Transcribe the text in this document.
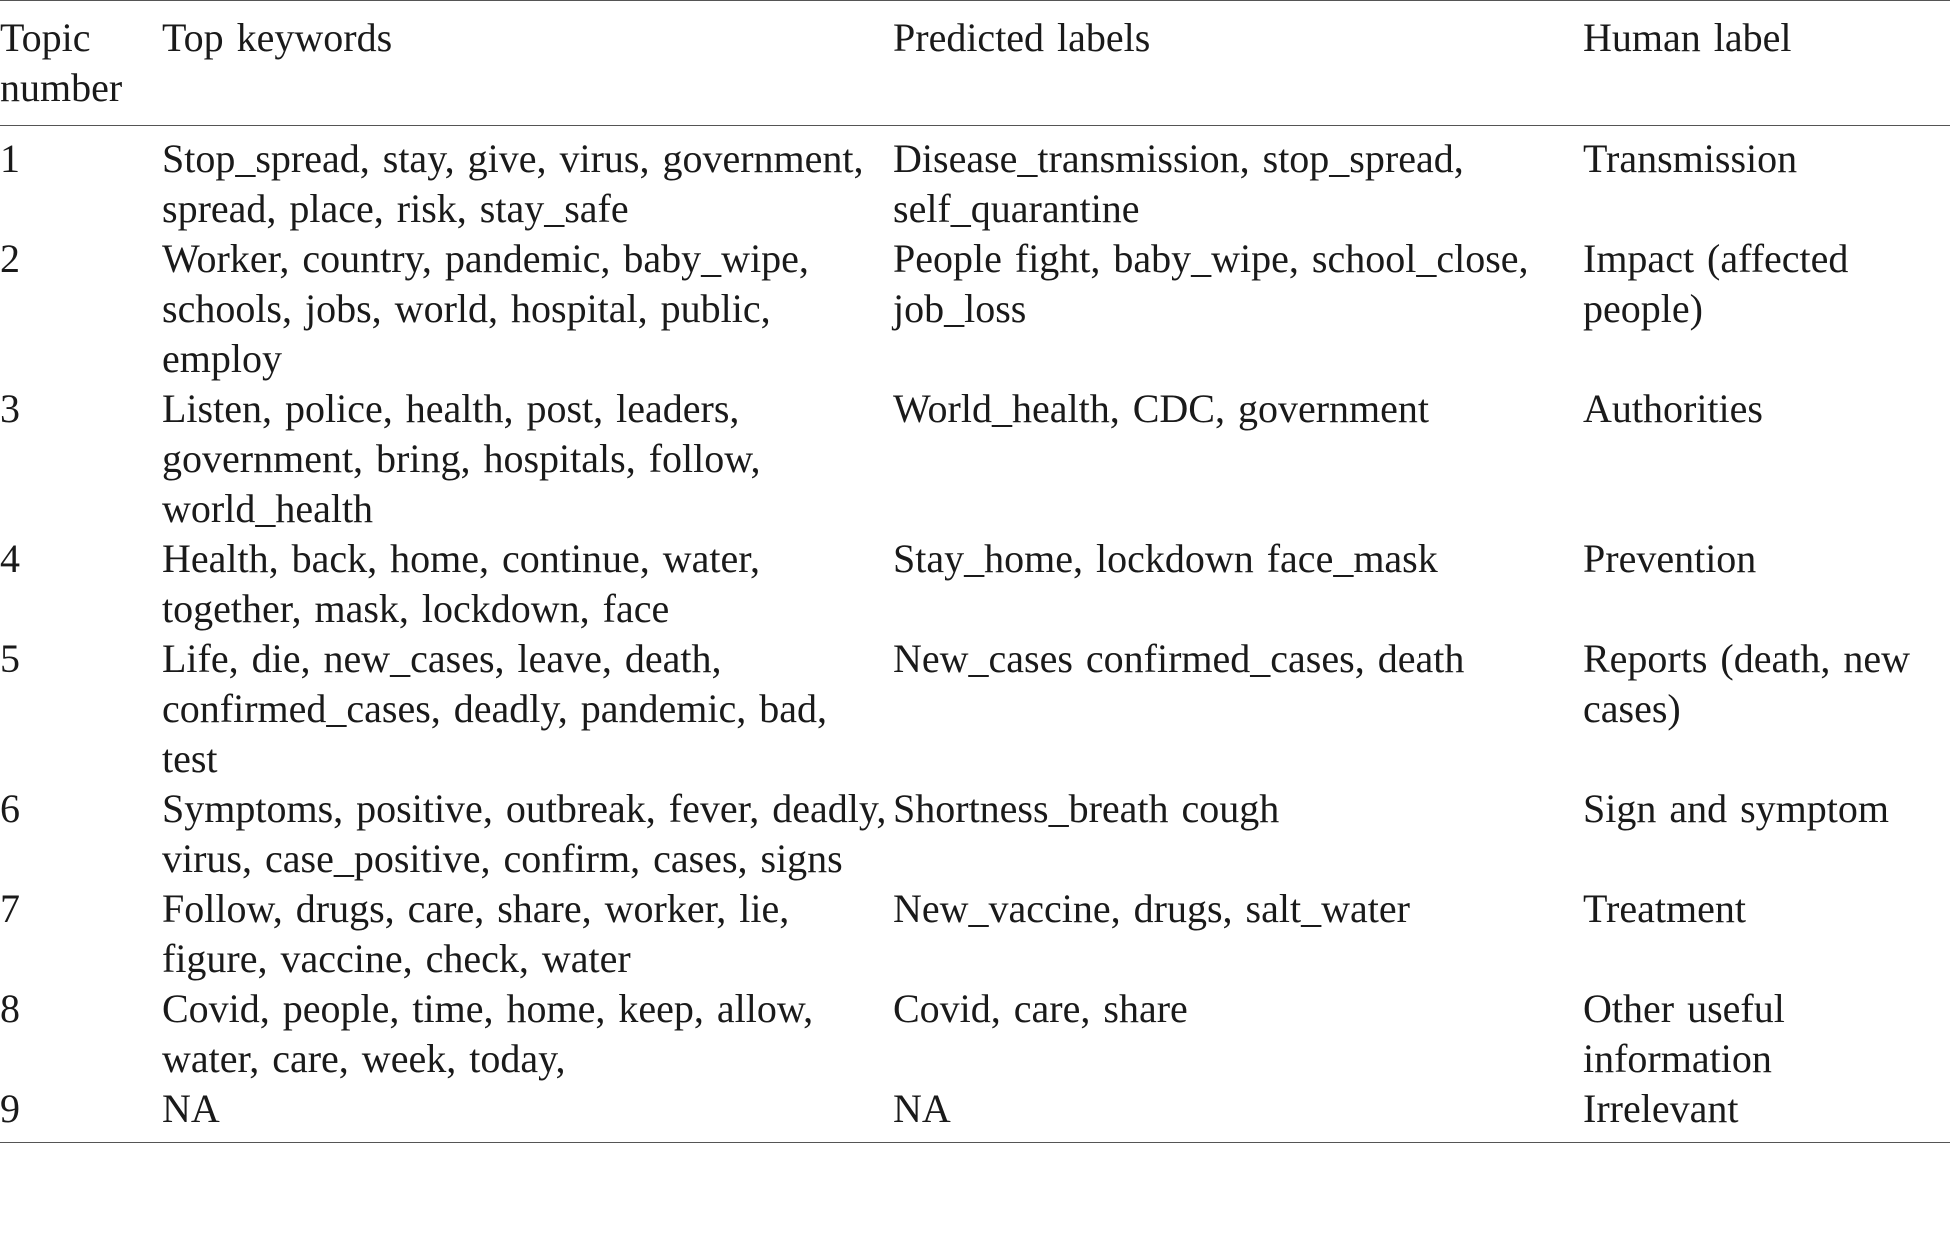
Topic number	Top keywords	Predicted labels	Human label
1	Stop_spread, stay, give, virus, government, spread, place, risk, stay_safe	Disease_transmission, stop_spread, self_quarantine	Transmission
2	Worker, country, pandemic, baby_wipe, schools, jobs, world, hospital, public, employ	People fight, baby_wipe, school_close, job_loss	Impact (affected people)
3	Listen, police, health, post, leaders, government, bring, hospitals, follow, world_health	World_health, CDC, government	Authorities
4	Health, back, home, continue, water, together, mask, lockdown, face	Stay_home, lockdown face_mask	Prevention
5	Life, die, new_cases, leave, death, confirmed_cases, deadly, pandemic, bad, test	New_cases confirmed_cases, death	Reports (death, new cases)
6	Symptoms, positive, outbreak, fever, deadly, virus, case_positive, confirm, cases, signs	Shortness_breath cough	Sign and symptom
7	Follow, drugs, care, share, worker, lie, figure, vaccine, check, water	New_vaccine, drugs, salt_water	Treatment
8	Covid, people, time, home, keep, allow, water, care, week, today,	Covid, care, share	Other useful information
9	NA	NA	Irrelevant
